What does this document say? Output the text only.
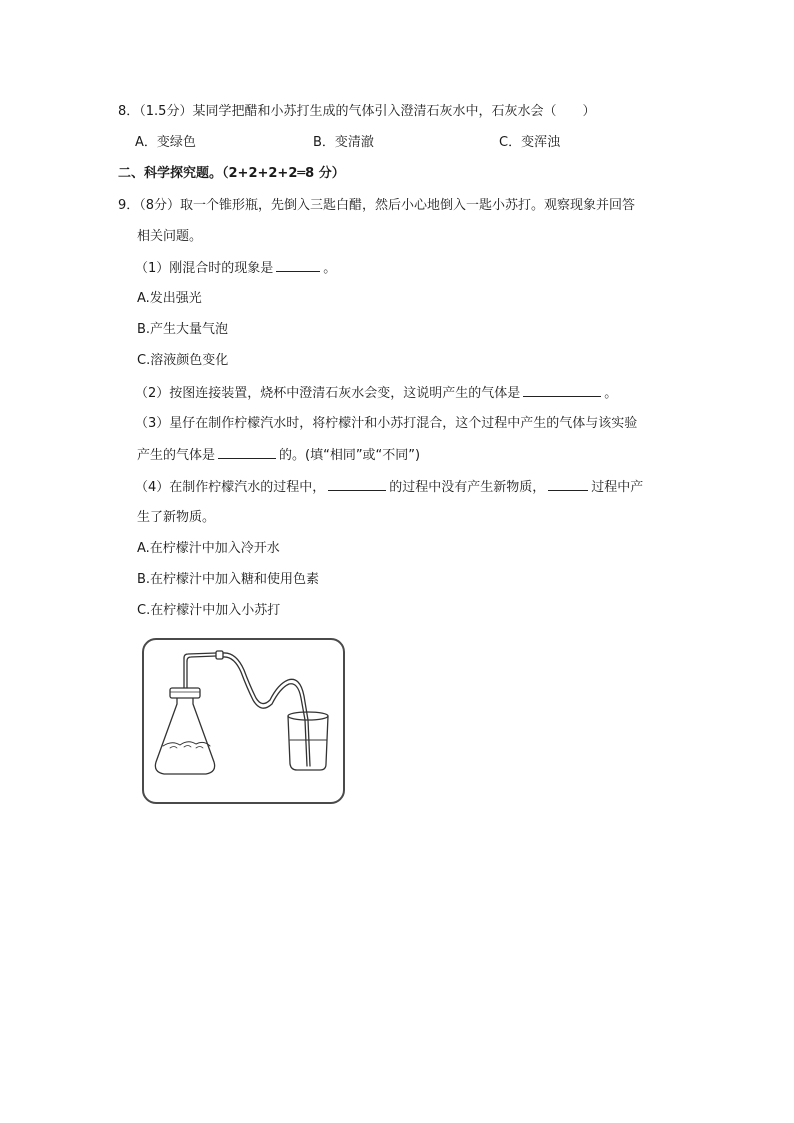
8．（1.5分）某同学把醋和小苏打生成的气体引入澄清石灰水中，石灰水会（　　）
A．变绿色	B．变清澈	C．变浑浊
二、科学探究题。（2+2+2+2═8 分）
9．（8分）取一个锥形瓶，先倒入三匙白醋，然后小心地倒入一匙小苏打。观察现象并回答
相关问题。
（1）刚混合时的现象是	。
A.发出强光
B.产生大量气泡
C.溶液颜色变化
（2）按图连接装置，烧杯中澄清石灰水会变，这说明产生的气体是	。
（3）星仔在制作柠檬汽水时，将柠檬汁和小苏打混合，这个过程中产生的气体与该实验
产生的气体是	的。(填“相同”或“不同”)
（4）在制作柠檬汽水的过程中，	的过程中没有产生新物质，	过程中产
生了新物质。
A.在柠檬汁中加入冷开水
B.在柠檬汁中加入糖和使用色素
C.在柠檬汁中加入小苏打
